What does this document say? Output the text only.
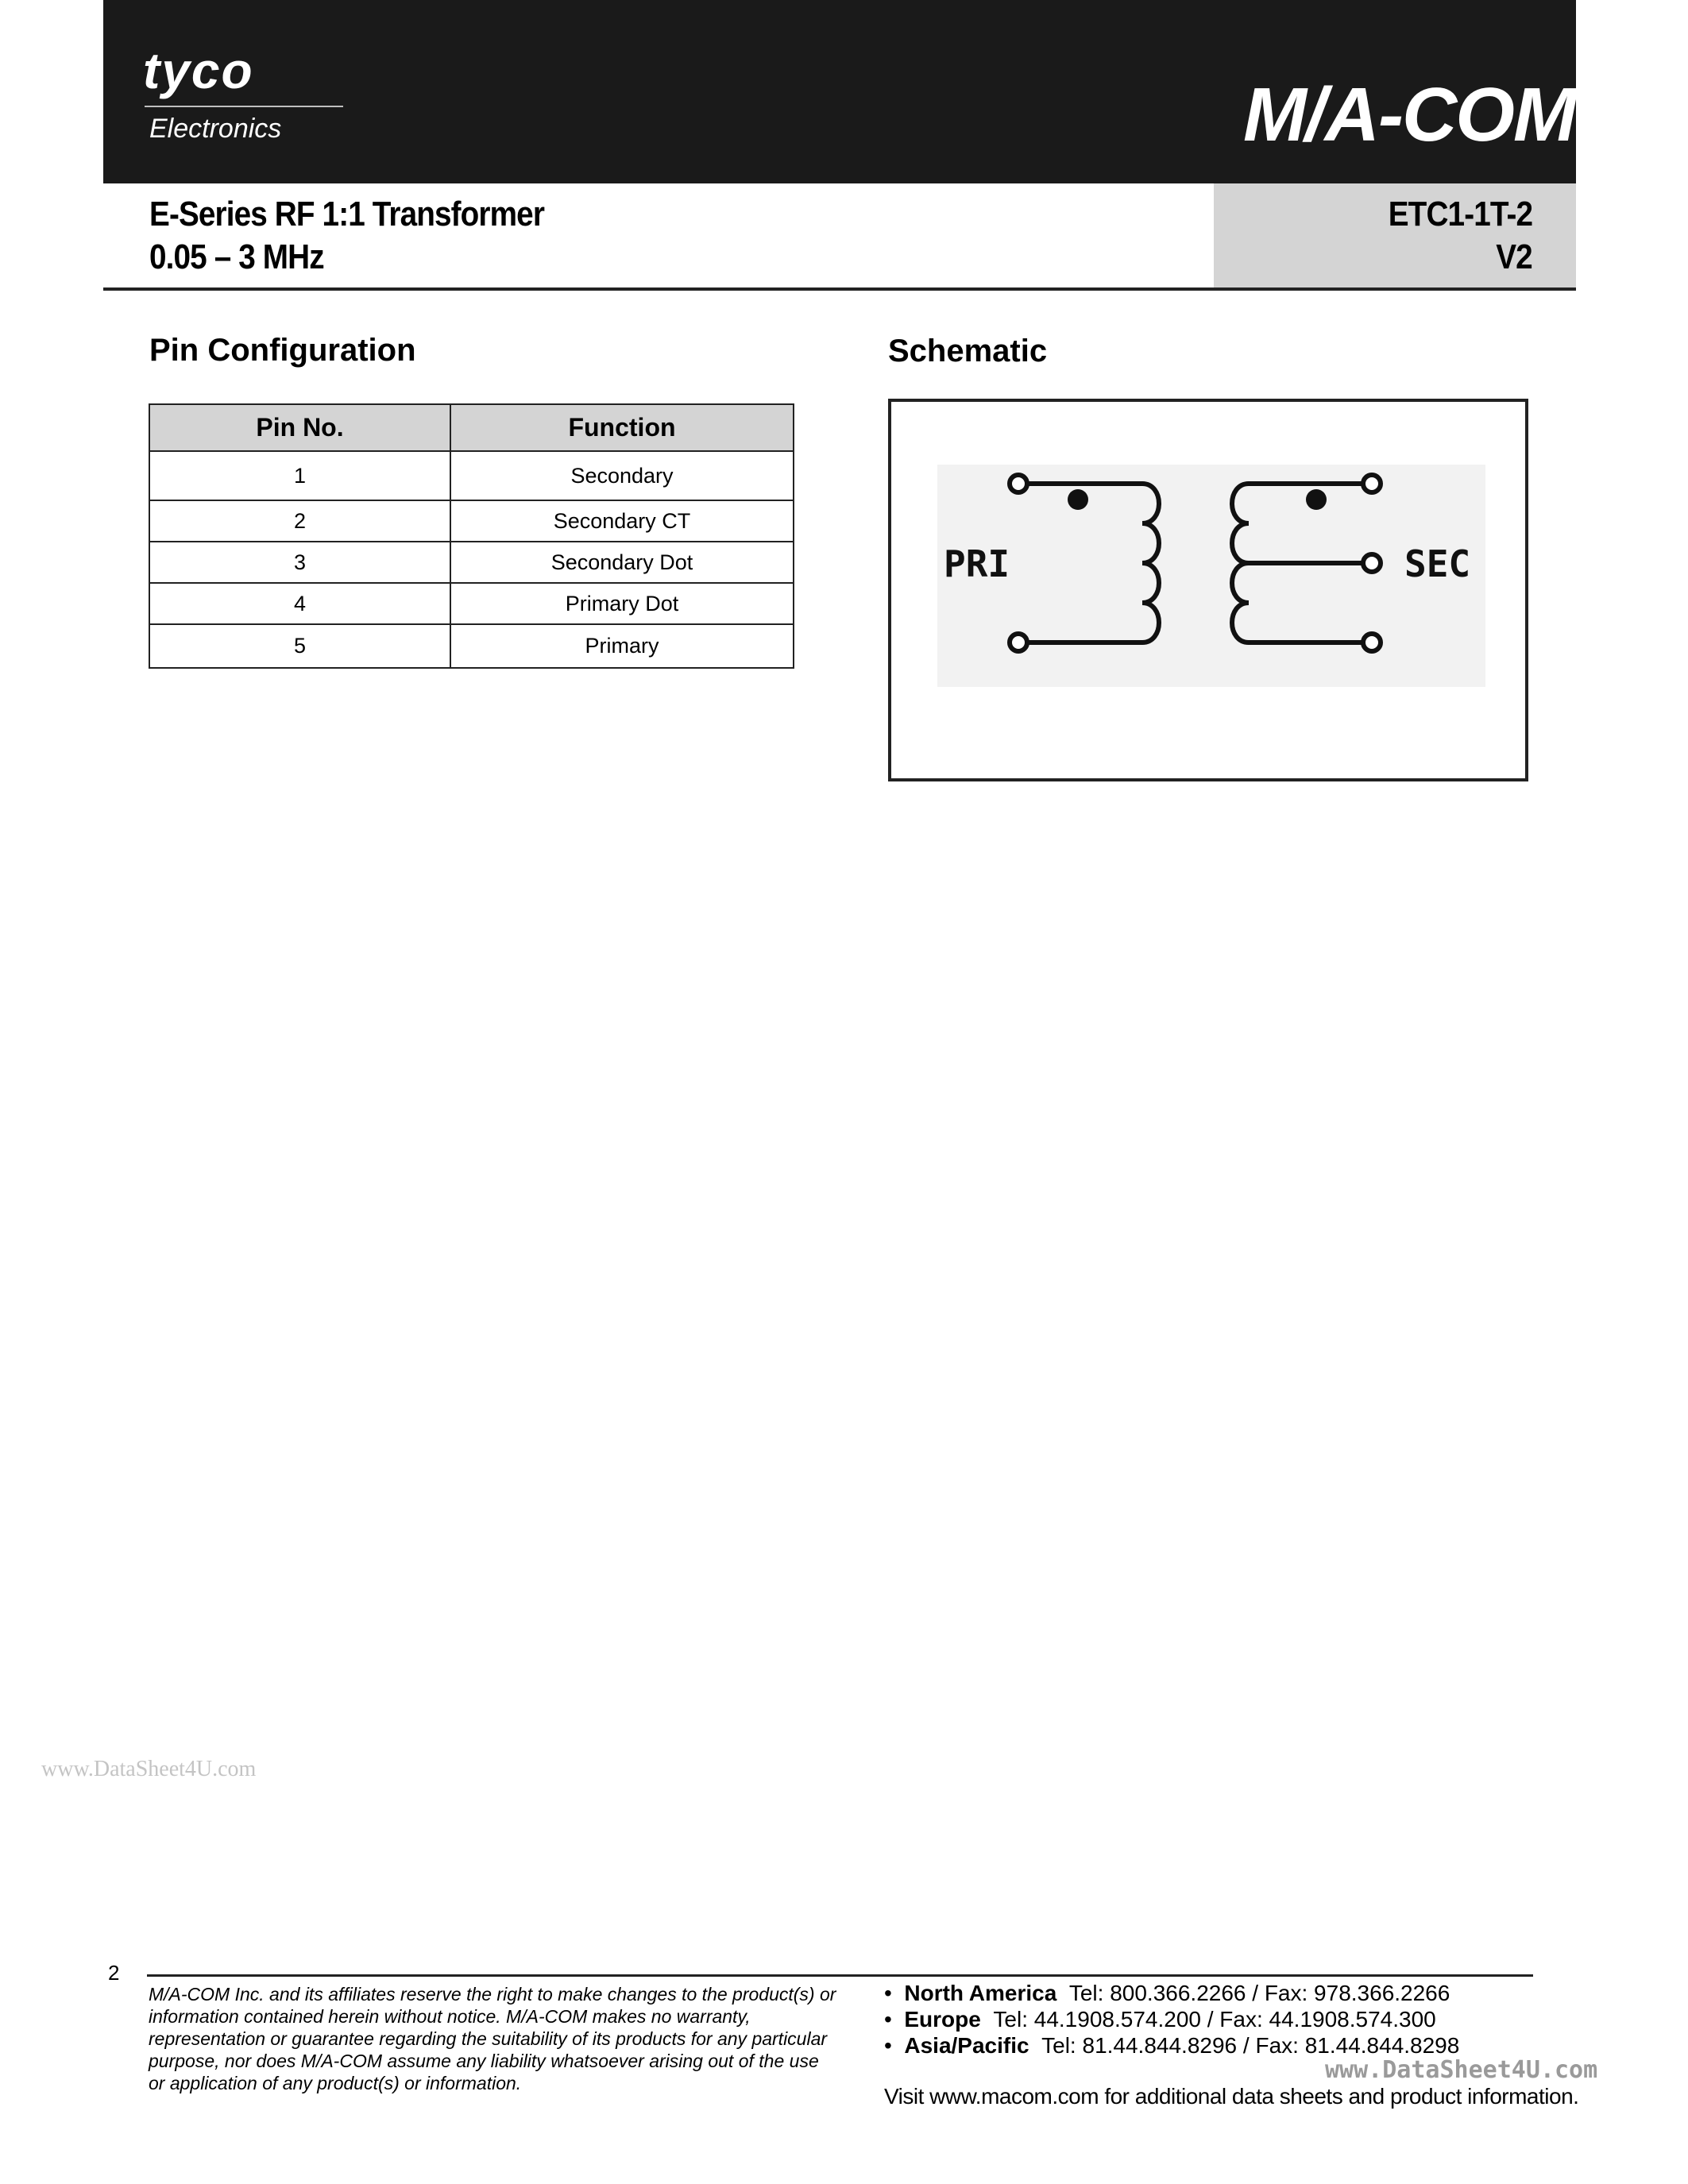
tyco
Electronics	M/A-COM
E-Series RF 1:1 Transformer
0.05 – 3 MHz
ETC1-1T-2
V2
Pin Configuration
Pin No.	Function
1	Secondary
2	Secondary CT
3	Secondary Dot
4	Primary Dot
5	Primary
Schematic
PRI	SEC
www.DataSheet4U.com
www.DataSheet4U.com
2
M/A-COM Inc. and its affiliates reserve the right to make changes to the product(s) or information contained herein without notice. M/A-COM makes no warranty, representation or guarantee regarding the suitability of its products for any particular purpose, nor does M/A-COM assume any liability whatsoever arising out of the use or application of any product(s) or information.
•  North America Tel: 800.366.2266 / Fax: 978.366.2266
•  Europe Tel: 44.1908.574.200 / Fax: 44.1908.574.300
•  Asia/Pacific Tel: 81.44.844.8296 / Fax: 81.44.844.8298
Visit www.macom.com for additional data sheets and product information.
